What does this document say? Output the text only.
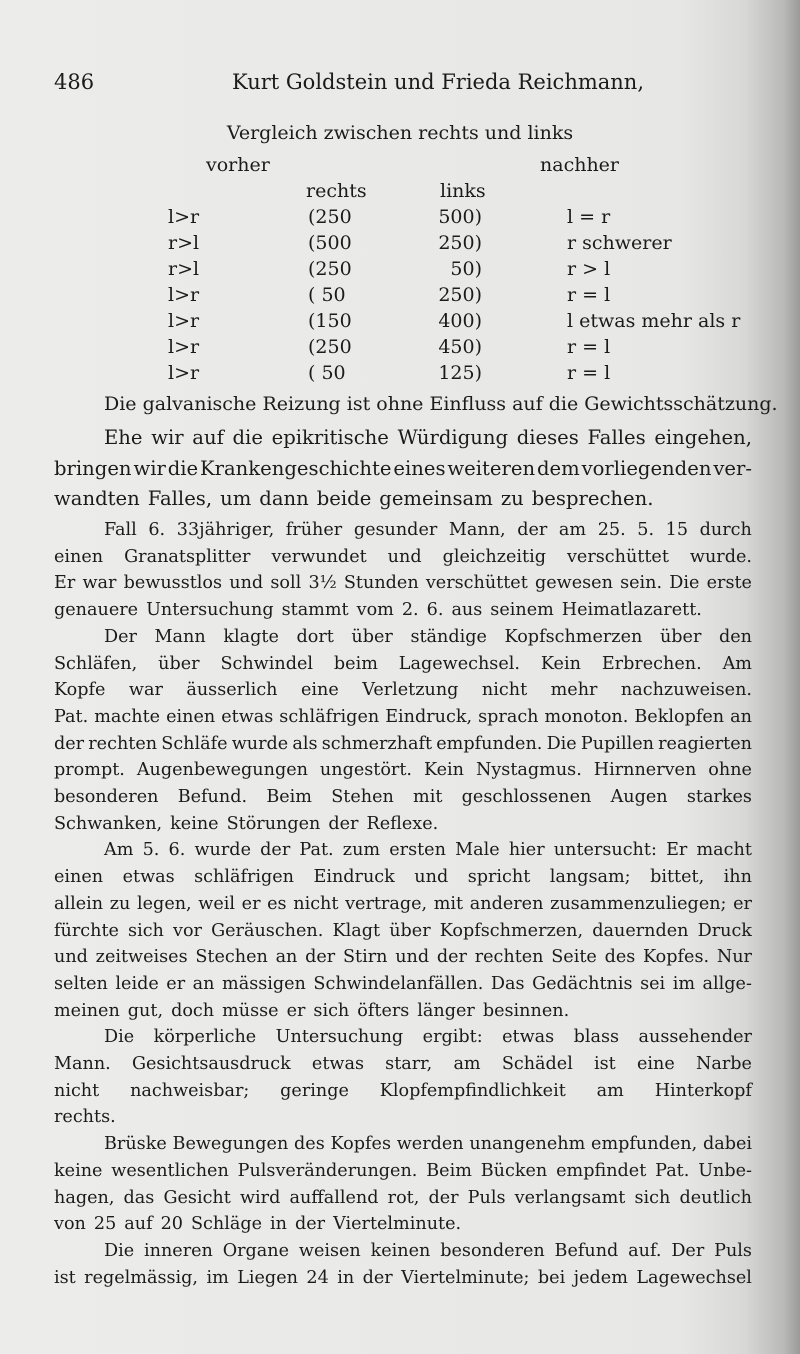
486	Kurt Goldstein und Frieda Reichmann,
Vergleich zwischen rechts und links
vorher	nachher
rechts	links
l>r	(250	500)	l = r
r>l	(500	250)	r schwerer
r>l	(250	50)	r > l
l>r	( 50	250)	r = l
l>r	(150	400)	l etwas mehr als r
l>r	(250	450)	r = l
l>r	( 50	125)	r = l
Die galvanische Reizung ist ohne Einfluss auf die Gewichtsschätzung.
Ehe wir auf die epikritische Würdigung dieses Falles eingehen,
bringen wir die Krankengeschichte eines weiteren dem vorliegenden ver-
wandten Falles, um dann beide gemeinsam zu besprechen.
Fall 6. 33jähriger, früher gesunder Mann, der am 25. 5. 15 durch
einen Granatsplitter verwundet und gleichzeitig verschüttet wurde.
Er war bewusstlos und soll 3½ Stunden verschüttet gewesen sein. Die erste
genauere Untersuchung stammt vom 2. 6. aus seinem Heimatlazarett.
Der Mann klagte dort über ständige Kopfschmerzen über den
Schläfen, über Schwindel beim Lagewechsel. Kein Erbrechen. Am
Kopfe war äusserlich eine Verletzung nicht mehr nachzuweisen.
Pat. machte einen etwas schläfrigen Eindruck, sprach monoton. Beklopfen an
der rechten Schläfe wurde als schmerzhaft empfunden. Die Pupillen reagierten
prompt. Augenbewegungen ungestört. Kein Nystagmus. Hirnnerven ohne
besonderen Befund. Beim Stehen mit geschlossenen Augen starkes
Schwanken, keine Störungen der Reflexe.
Am 5. 6. wurde der Pat. zum ersten Male hier untersucht: Er macht
einen etwas schläfrigen Eindruck und spricht langsam; bittet, ihn
allein zu legen, weil er es nicht vertrage, mit anderen zusammenzuliegen; er
fürchte sich vor Geräuschen. Klagt über Kopfschmerzen, dauernden Druck
und zeitweises Stechen an der Stirn und der rechten Seite des Kopfes. Nur
selten leide er an mässigen Schwindelanfällen. Das Gedächtnis sei im allge-
meinen gut, doch müsse er sich öfters länger besinnen.
Die körperliche Untersuchung ergibt: etwas blass aussehender
Mann. Gesichtsausdruck etwas starr, am Schädel ist eine Narbe
nicht nachweisbar; geringe Klopfempfindlichkeit am Hinterkopf
rechts.
Brüske Bewegungen des Kopfes werden unangenehm empfunden, dabei
keine wesentlichen Pulsveränderungen. Beim Bücken empfindet Pat. Unbe-
hagen, das Gesicht wird auffallend rot, der Puls verlangsamt sich deutlich
von 25 auf 20 Schläge in der Viertelminute.
Die inneren Organe weisen keinen besonderen Befund auf. Der Puls
ist regelmässig, im Liegen 24 in der Viertelminute; bei jedem Lagewechsel
